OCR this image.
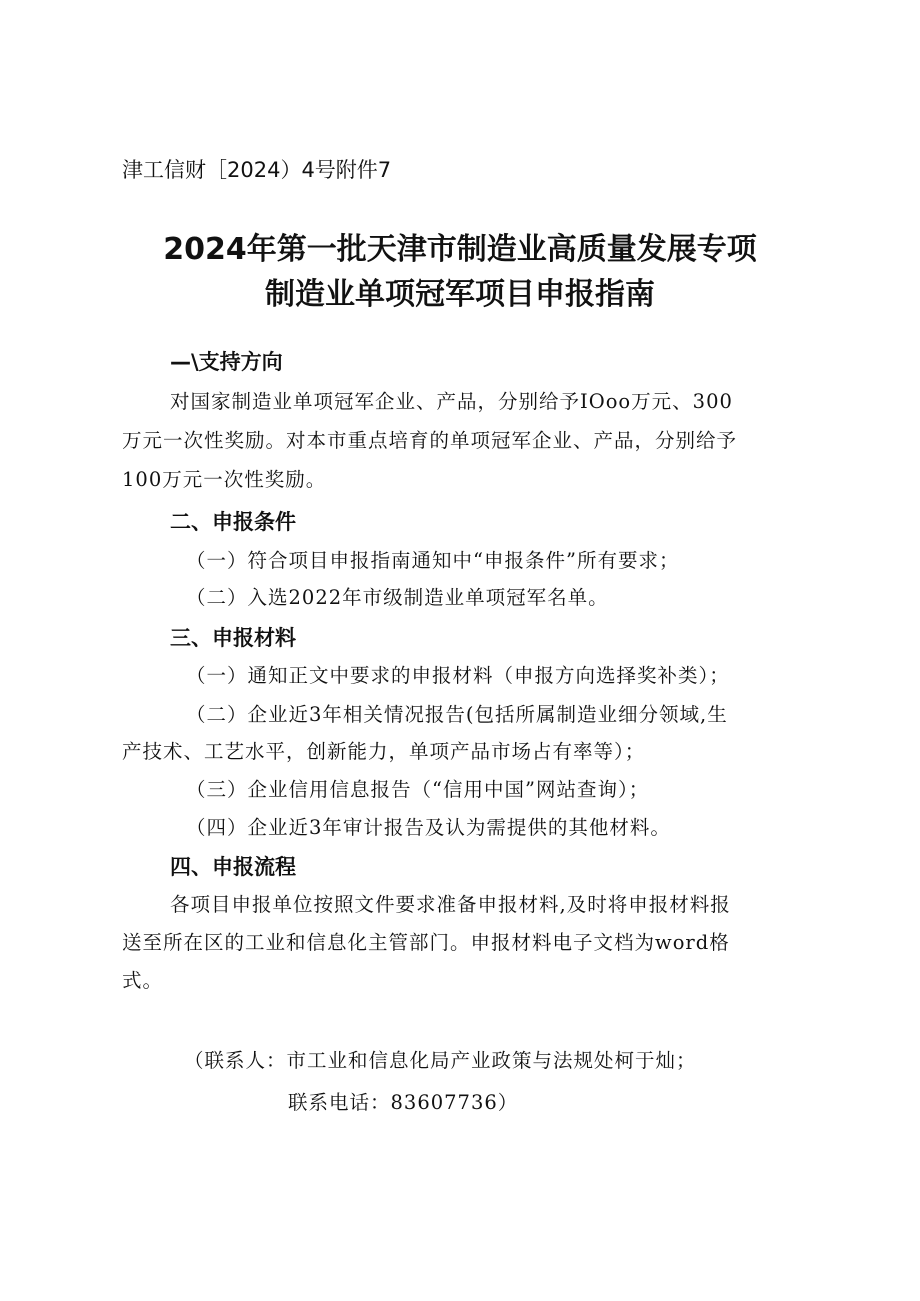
津工信财［2024）4号附件7
2024年第一批天津市制造业高质量发展专项
制造业单项冠军项目申报指南
—\支持方向
对国家制造业单项冠军企业、产品，分别给予IOoo万元、300
万元一次性奖励。对本市重点培育的单项冠军企业、产品，分别给予
100万元一次性奖励。
二、申报条件
（一）符合项目申报指南通知中“申报条件”所有要求；
（二）入选2022年市级制造业单项冠军名单。
三、申报材料
（一）通知正文中要求的申报材料（申报方向选择奖补类）；
（二）企业近3年相关情况报告(包括所属制造业细分领域,生
产技术、工艺水平，创新能力，单项产品市场占有率等）；
（三）企业信用信息报告（“信用中国”网站查询）；
（四）企业近3年审计报告及认为需提供的其他材料。
四、申报流程
各项目申报单位按照文件要求准备申报材料,及时将申报材料报
送至所在区的工业和信息化主管部门。申报材料电子文档为word格
式。
（联系人：市工业和信息化局产业政策与法规处柯于灿；
联系电话：83607736）
